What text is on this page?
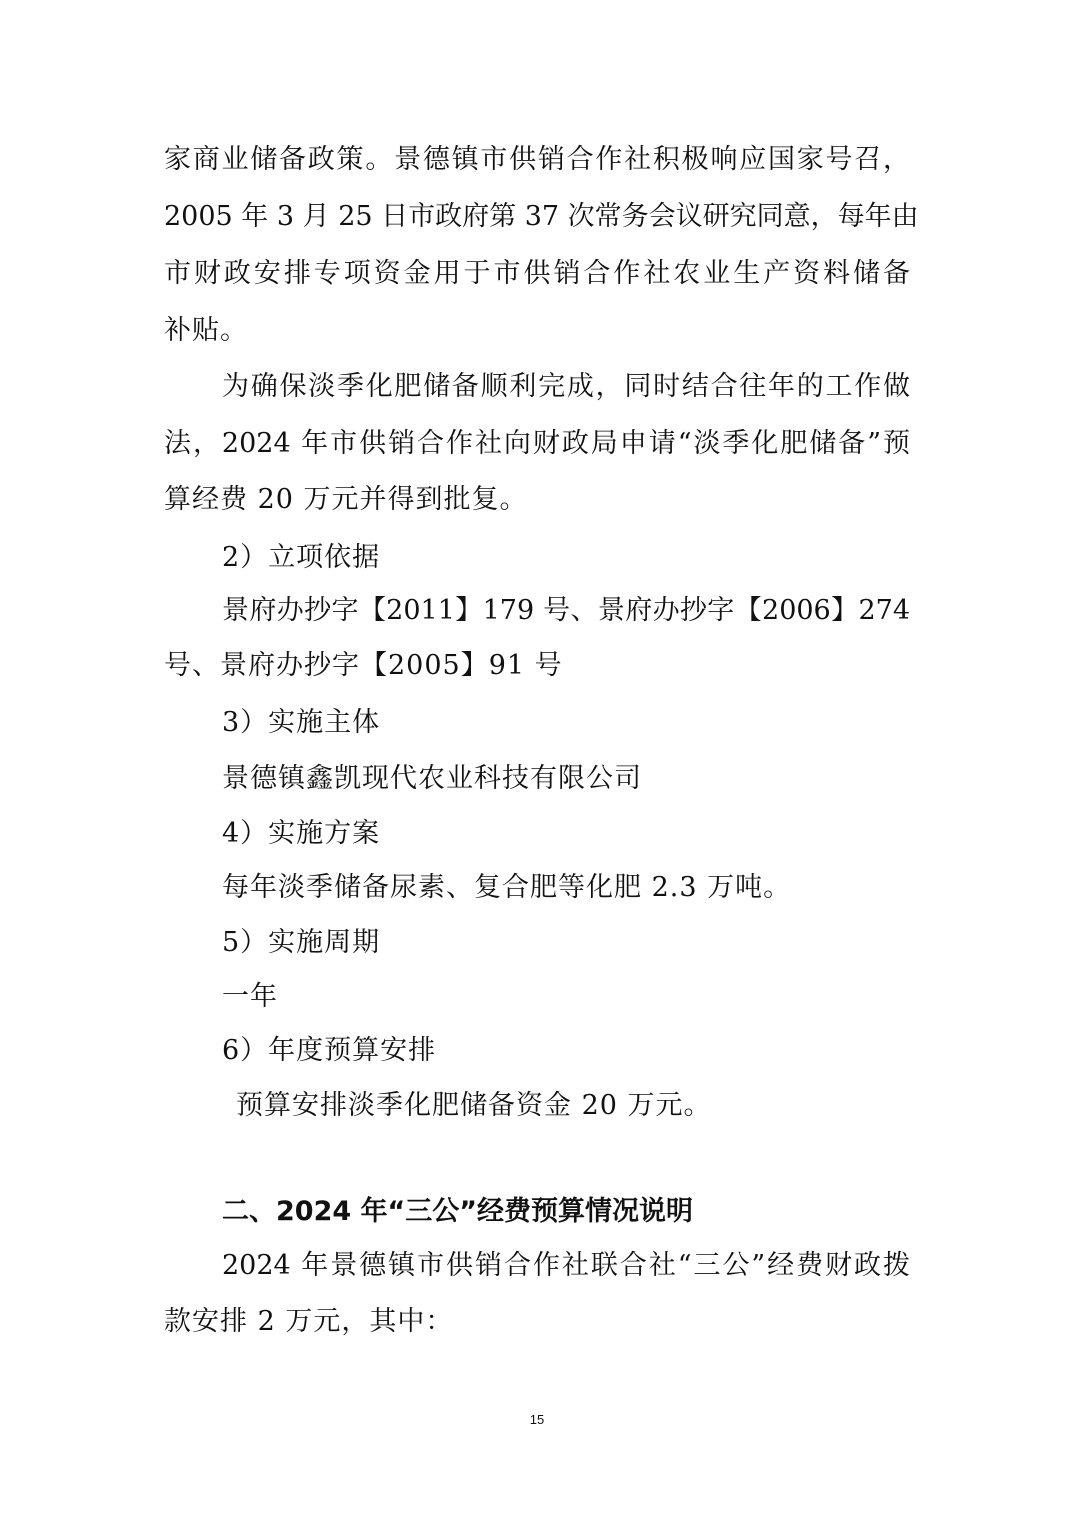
家商业储备政策。景德镇市供销合作社积极响应国家号召，
2005 年 3 月 25 日市政府第 37 次常务会议研究同意，每年由
市财政安排专项资金用于市供销合作社农业生产资料储备
补贴。
为确保淡季化肥储备顺利完成，同时结合往年的工作做
法，2024 年市供销合作社向财政局申请“淡季化肥储备”预
算经费 20 万元并得到批复。
2）立项依据
景府办抄字【2011】179 号、景府办抄字【2006】274
号、景府办抄字【2005】91 号
3）实施主体
景德镇鑫凯现代农业科技有限公司
4）实施方案
每年淡季储备尿素、复合肥等化肥 2.3 万吨。
5）实施周期
一年
6）年度预算安排
预算安排淡季化肥储备资金 20 万元。
二、2024 年“三公”经费预算情况说明
2024 年景德镇市供销合作社联合社“三公”经费财政拨
款安排 2 万元，其中：
15
